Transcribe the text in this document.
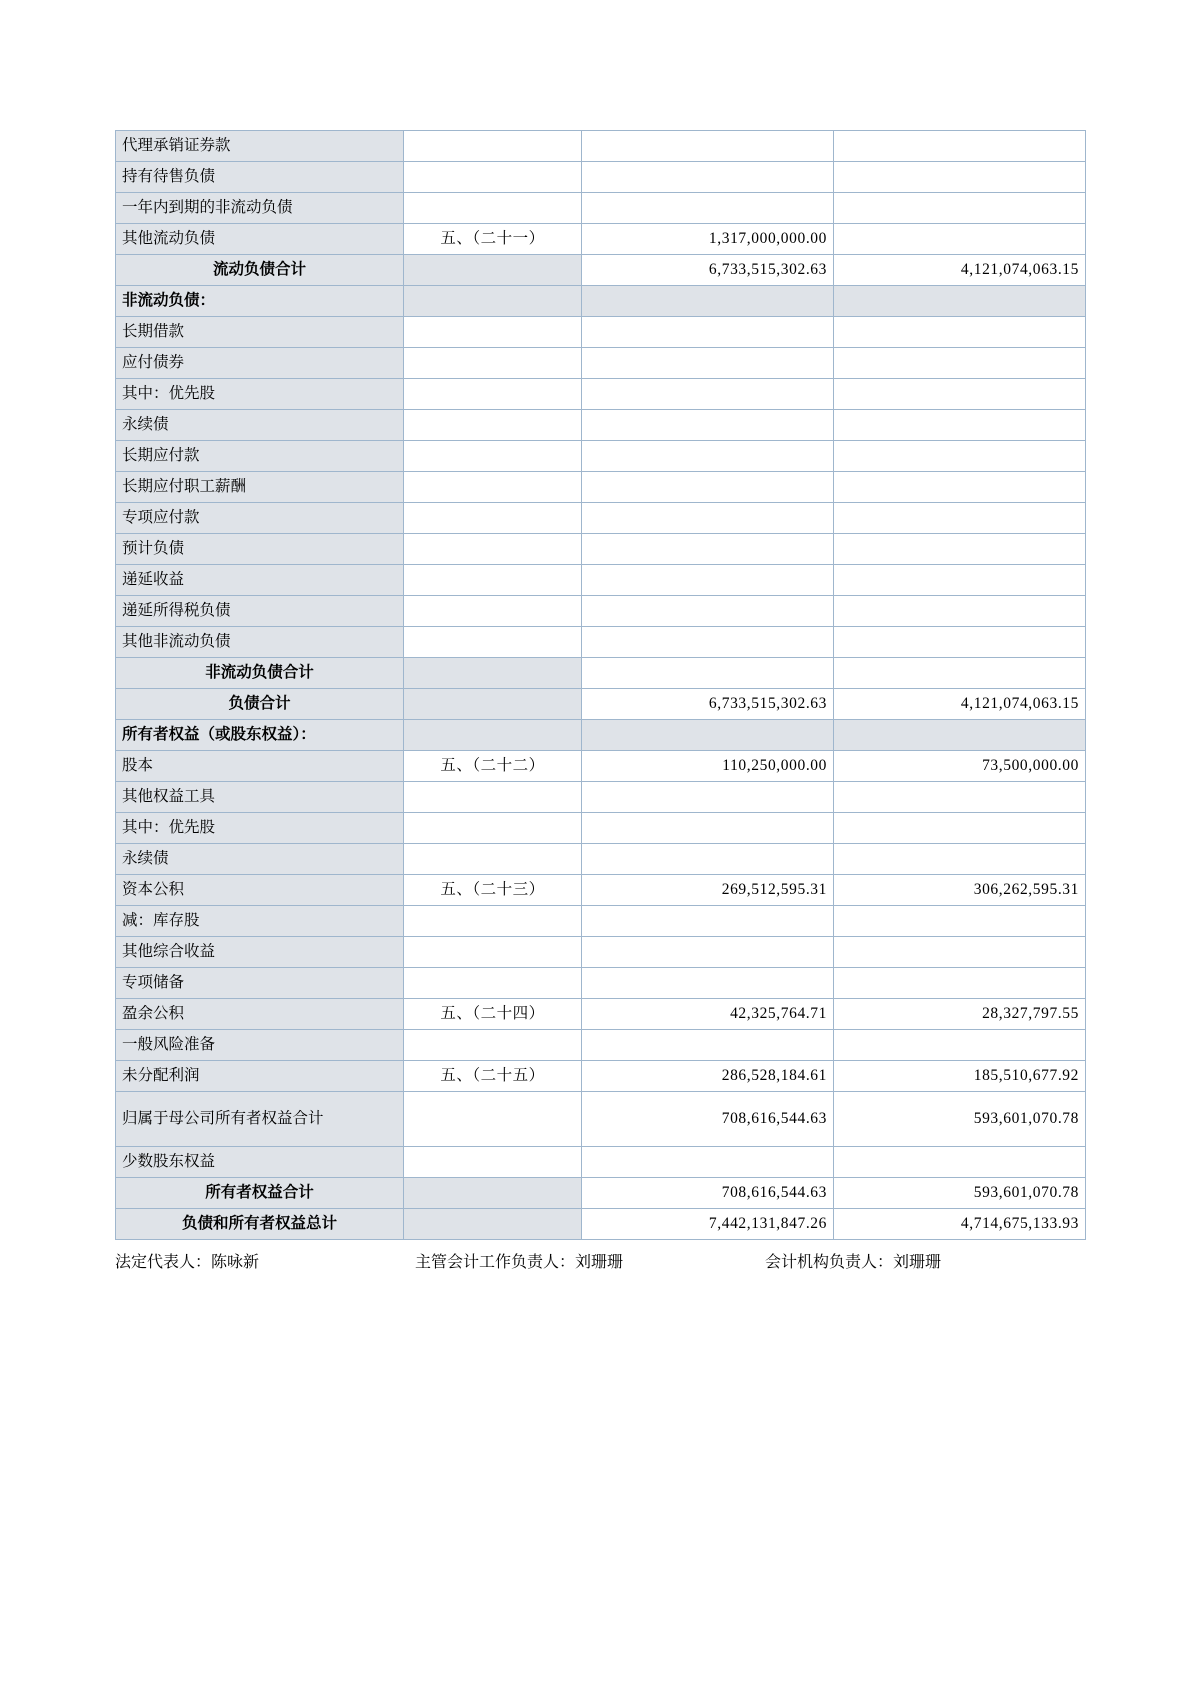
代理承销证券款			
持有待售负债			
一年内到期的非流动负债			
其他流动负债	五、（二十一）	1,317,000,000.00	
流动负债合计		6,733,515,302.63	4,121,074,063.15
非流动负债：			
长期借款			
应付债券			
其中：优先股			
永续债			
长期应付款			
长期应付职工薪酬			
专项应付款			
预计负债			
递延收益			
递延所得税负债			
其他非流动负债			
非流动负债合计			
负债合计		6,733,515,302.63	4,121,074,063.15
所有者权益（或股东权益）：			
股本	五、（二十二）	110,250,000.00	73,500,000.00
其他权益工具			
其中：优先股			
永续债			
资本公积	五、（二十三）	269,512,595.31	306,262,595.31
减：库存股			
其他综合收益			
专项储备			
盈余公积	五、（二十四）	42,325,764.71	28,327,797.55
一般风险准备			
未分配利润	五、（二十五）	286,528,184.61	185,510,677.92
归属于母公司所有者权益合计		708,616,544.63	593,601,070.78
少数股东权益			
所有者权益合计		708,616,544.63	593,601,070.78
负债和所有者权益总计		7,442,131,847.26	4,714,675,133.93
法定代表人：陈咏新	主管会计工作负责人：刘珊珊	会计机构负责人：刘珊珊
